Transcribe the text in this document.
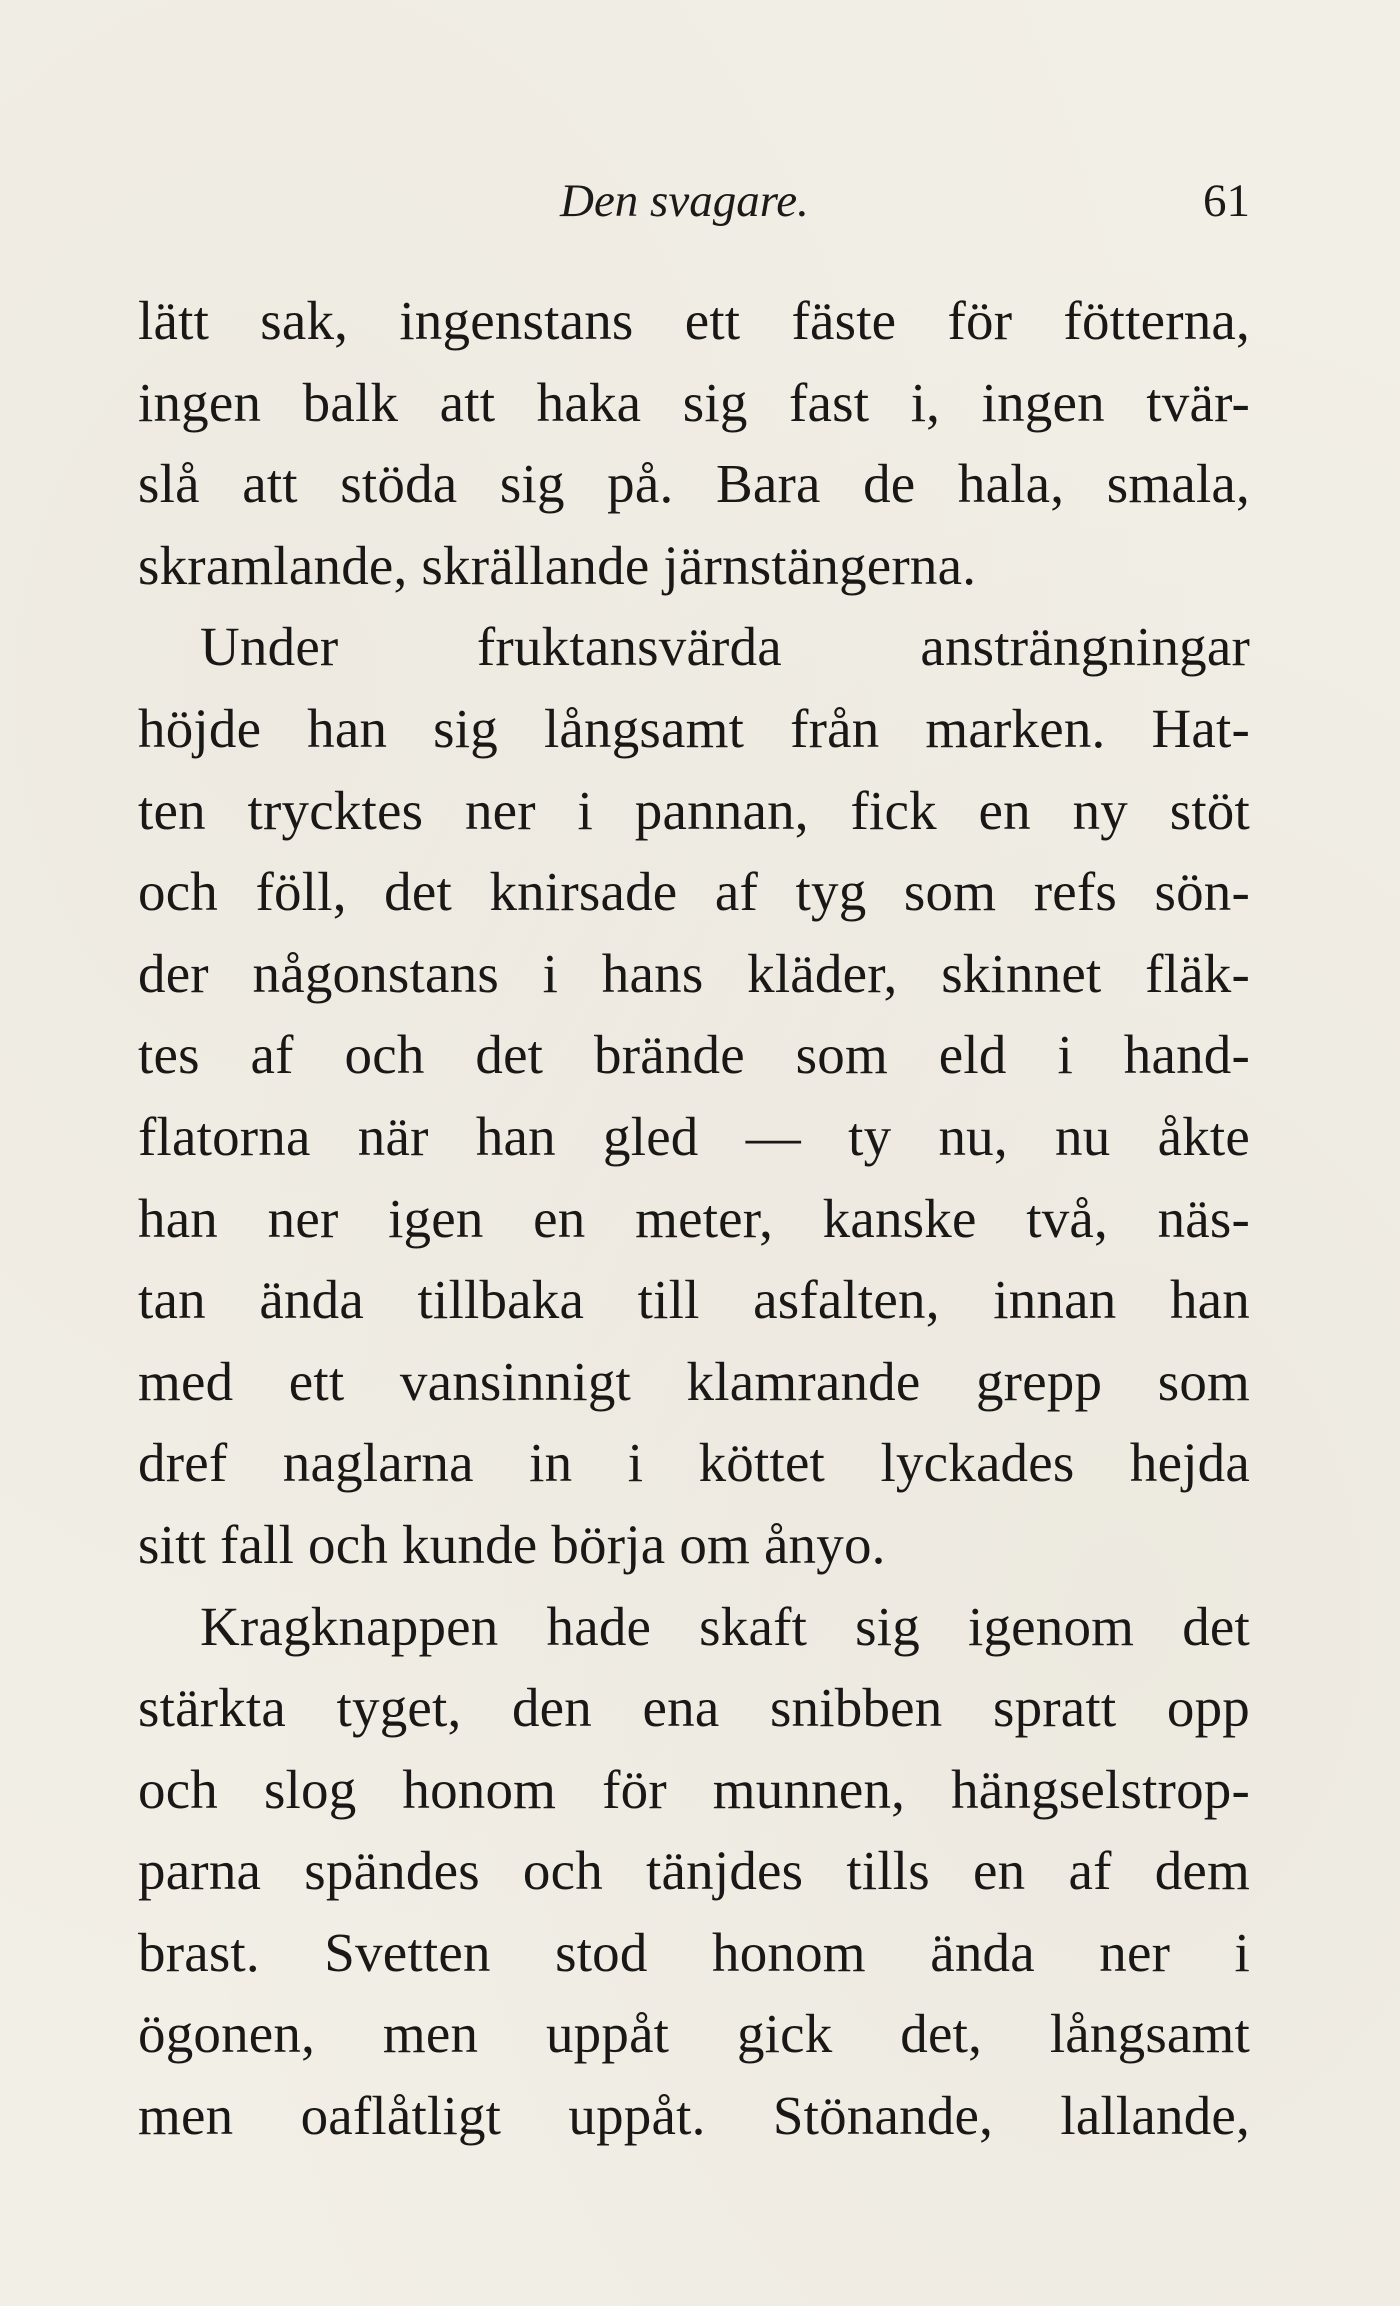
Den svagare.	61
lätt sak, ingenstans ett fäste för fötterna,
ingen balk att haka sig fast i, ingen tvär-
slå att stöda sig på. Bara de hala, smala,
skramlande, skrällande järnstängerna.
Under fruktansvärda ansträngningar
höjde han sig långsamt från marken. Hat-
ten trycktes ner i pannan, fick en ny stöt
och föll, det knirsade af tyg som refs sön-
der någonstans i hans kläder, skinnet fläk-
tes af och det brände som eld i hand-
flatorna när han gled — ty nu, nu åkte
han ner igen en meter, kanske två, näs-
tan ända tillbaka till asfalten, innan han
med ett vansinnigt klamrande grepp som
dref naglarna in i köttet lyckades hejda
sitt fall och kunde börja om ånyo.
Kragknappen hade skaft sig igenom det
stärkta tyget, den ena snibben spratt opp
och slog honom för munnen, hängselstrop-
parna spändes och tänjdes tills en af dem
brast. Svetten stod honom ända ner i
ögonen, men uppåt gick det, långsamt
men oaflåtligt uppåt. Stönande, lallande,
